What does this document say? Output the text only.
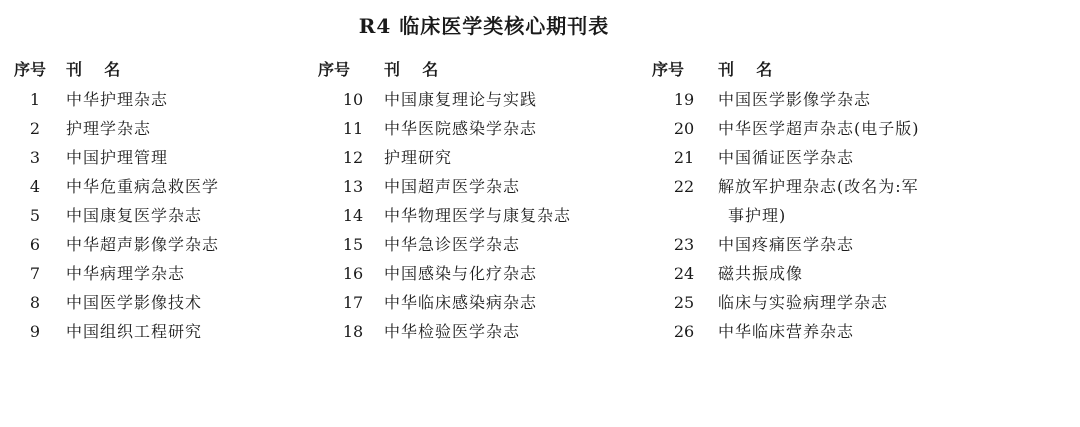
R4 临床医学类核心期刊表
序号 刊    名
1	中华护理杂志
2	护理学杂志
3	中国护理管理
4	中华危重病急救医学
5	中国康复医学杂志
6	中华超声影像学杂志
7	中华病理学杂志
8	中国医学影像技术
9	中国组织工程研究
序号 刊    名
10	中国康复理论与实践
11	中华医院感染学杂志
12	护理研究
13	中国超声医学杂志
14	中华物理医学与康复杂志
15	中华急诊医学杂志
16	中国感染与化疗杂志
17	中华临床感染病杂志
18	中华检验医学杂志
序号 刊    名
19	中国医学影像学杂志
20	中华医学超声杂志(电子版)
21	中国循证医学杂志
22	解放军护理杂志(改名为:军
事护理)
23	中国疼痛医学杂志
24	磁共振成像
25	临床与实验病理学杂志
26	中华临床营养杂志
